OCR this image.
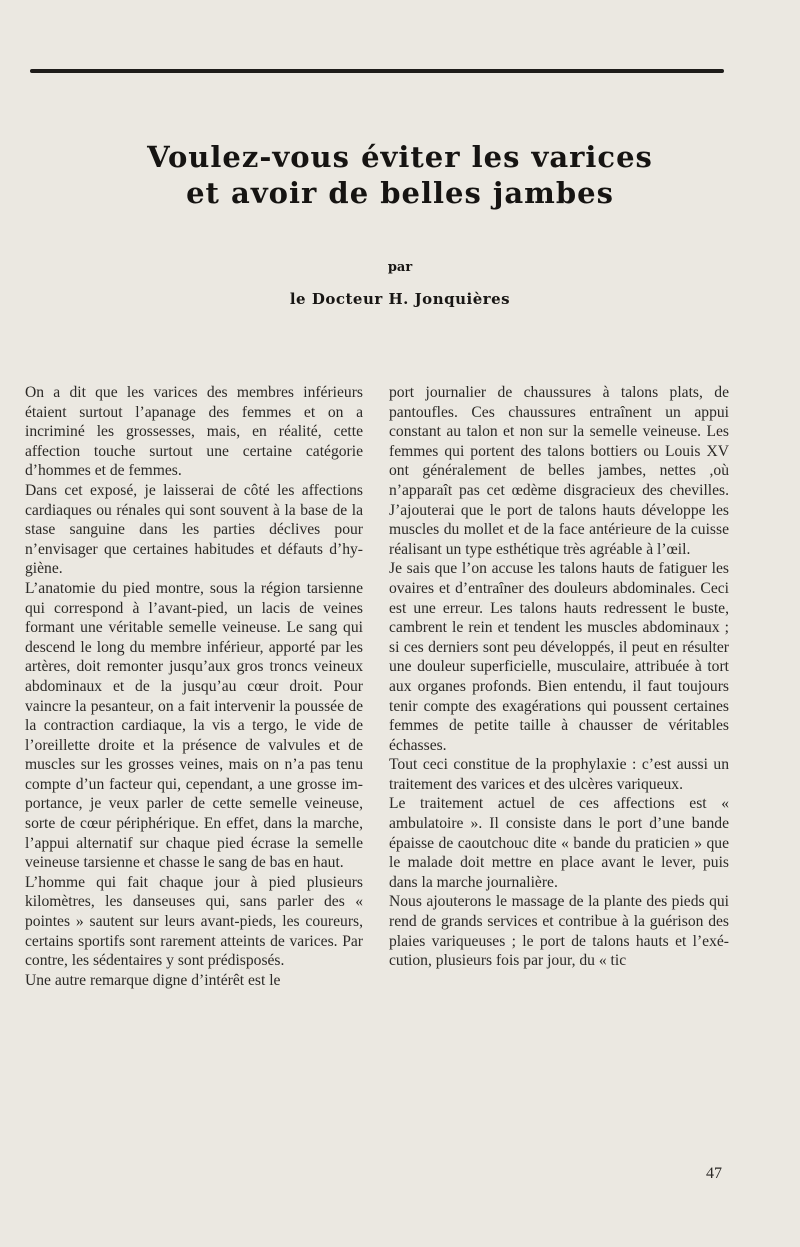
Voulez-vous éviter les varices
et avoir de belles jambes
par
le Docteur H. Jonquières

On a dit que les varices des membres inférieurs étaient surtout l’apanage des femmes et on a incriminé les grossesses, mais, en réalité, cette affection touche surtout une certaine catégorie d’hommes et de femmes.

Dans cet exposé, je laisserai de côté les affections cardiaques ou rénales qui sont souvent à la base de la stase sanguine dans les parties déclives pour n’envisager que certaines habitudes et défauts d’hygiène.

L’anatomie du pied montre, sous la région tarsienne qui correspond à l’avant-pied, un lacis de veines formant une véritable semelle veineuse. Le sang qui descend le long du membre inférieur, apporté par les artères, doit remonter jusqu’aux gros troncs veineux abdominaux et de la jusqu’au cœur droit. Pour vaincre la pesanteur, on a fait intervenir la poussée de la contraction cardiaque, la vis a tergo, le vide de l’oreillette droite et la présence de valvules et de muscles sur les grosses veines, mais on n’a pas tenu compte d’un facteur qui, cependant, a une grosse importance, je veux parler de cette semelle veineuse, sorte de cœur périphérique. En effet, dans la marche, l’appui alternatif sur chaque pied écrase la semelle veineuse tarsienne et chasse le sang de bas en haut.

L’homme qui fait chaque jour à pied plusieurs kilomètres, les danseuses qui, sans parler des « pointes » sautent sur leurs avant-pieds, les coureurs, certains sportifs sont rarement atteints de varices. Par contre, les sédentaires y sont prédisposés.

Une autre remarque digne d’intérêt est le

port journalier de chaussures à talons plats, de pantoufles. Ces chaussures entraînent un appui constant au talon et non sur la semelle veineuse. Les femmes qui portent des talons bottiers ou Louis XV ont généralement de belles jambes, nettes ,où n’apparaît pas cet œdème disgracieux des chevilles. J’ajouterai que le port de talons hauts développe les muscles du mollet et de la face antérieure de la cuisse réalisant un type esthétique très agréable à l’œil.

Je sais que l’on accuse les talons hauts de fatiguer les ovaires et d’entraîner des douleurs abdominales. Ceci est une erreur. Les talons hauts redressent le buste, cambrent le rein et tendent les muscles abdominaux ; si ces derniers sont peu développés, il peut en résulter une douleur superficielle, musculaire, attribuée à tort aux organes profonds. Bien entendu, il faut toujours tenir compte des exagérations qui poussent certaines femmes de petite taille à chausser de véritables échasses.

Tout ceci constitue de la prophylaxie : c’est aussi un traitement des varices et des ulcères variqueux.

Le traitement actuel de ces affections est « ambulatoire ». Il consiste dans le port d’une bande épaisse de caoutchouc dite « bande du praticien » que le malade doit mettre en place avant le lever, puis dans la marche journalière.

Nous ajouterons le massage de la plante des pieds qui rend de grands services et contribue à la guérison des plaies variqueuses ; le port de talons hauts et l’exécution, plusieurs fois par jour, du « tic

47
